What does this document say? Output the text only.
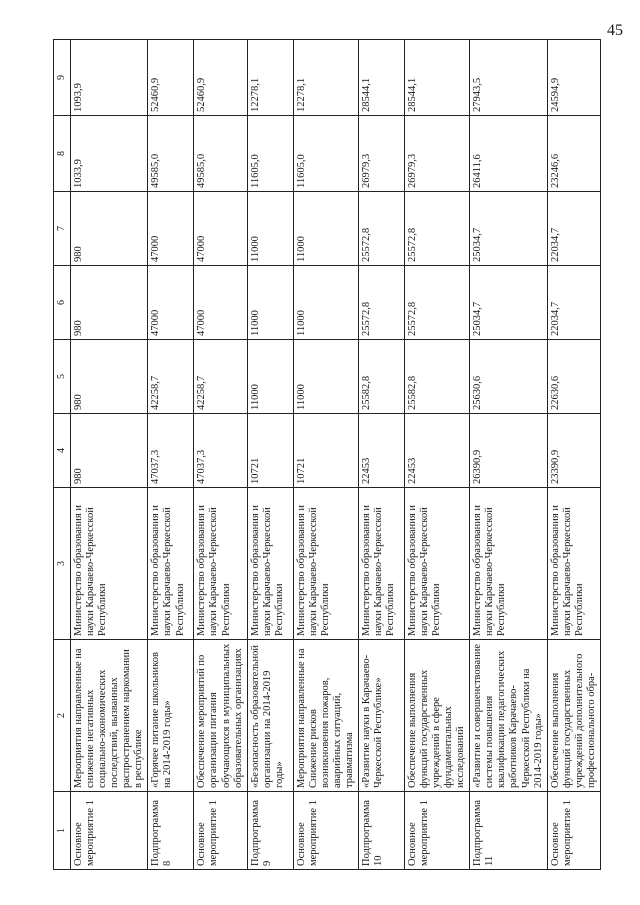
45
1	2	3	4	5	6	7	8	9
Основное мероприятие 1	Мероприятия направленные на снижение негативных социально-экономических последствий, вызванных распространением наркомании в республике	Министерство образования и науки Карачаево-Черкесской Республики	980	980	980	980	1033,9	1093,9
Подпрограмма 8	«Горячее питание школьников на 2014-2019 годы»	Министерство образования и науки Карачаево-Черкесской Республики	47037,3	42258,7	47000	47000	49585,0	52460,9
Основное мероприятие 1	Обеспечение мероприятий по организации питания обучающихся в муниципальных образовательных организациях	Министерство образования и науки Карачаево-Черкесской Республики	47037,3	42258,7	47000	47000	49585,0	52460,9
Подпрограмма 9	«Безопасность образовательной организации на 2014-2019 годы»	Министерство образования и науки Карачаево-Черкесской Республики	10721	11000	11000	11000	11605,0	12278,1
Основное мероприятие 1	Мероприятия направленные на Снижение рисков возникновения пожаров, аварийных ситуаций, травматизма	Министерство образования и науки Карачаево-Черкесской Республики	10721	11000	11000	11000	11605,0	12278,1
Подпрограмма 10	«Развитие науки в Карачаево-Черкесской Республике»	Министерство образования и науки Карачаево-Черкесской Республики	22453	25582,8	25572,8	25572,8	26979,3	28544,1
Основное мероприятие 1	Обеспечение выполнения функций государственных учреждений в сфере фундаментальных исследований	Министерство образования и науки Карачаево-Черкесской Республики	22453	25582,8	25572,8	25572,8	26979,3	28544,1
Подпрограмма 11	«Развитие и совершенствование системы повышения квалификации педагогических работников Карачаево-Черкесской Республики на 2014-2019 годы»	Министерство образования и науки Карачаево-Черкесской Республики	26390,9	25630,6	25034,7	25034,7	26411,6	27943,5
Основное мероприятие 1	Обеспечение выполнения функций государственных учреждений дополнительного профессионального обра-	Министерство образования и науки Карачаево-Черкесской Республики	23390,9	22630,6	22034,7	22034,7	23246,6	24594,9
